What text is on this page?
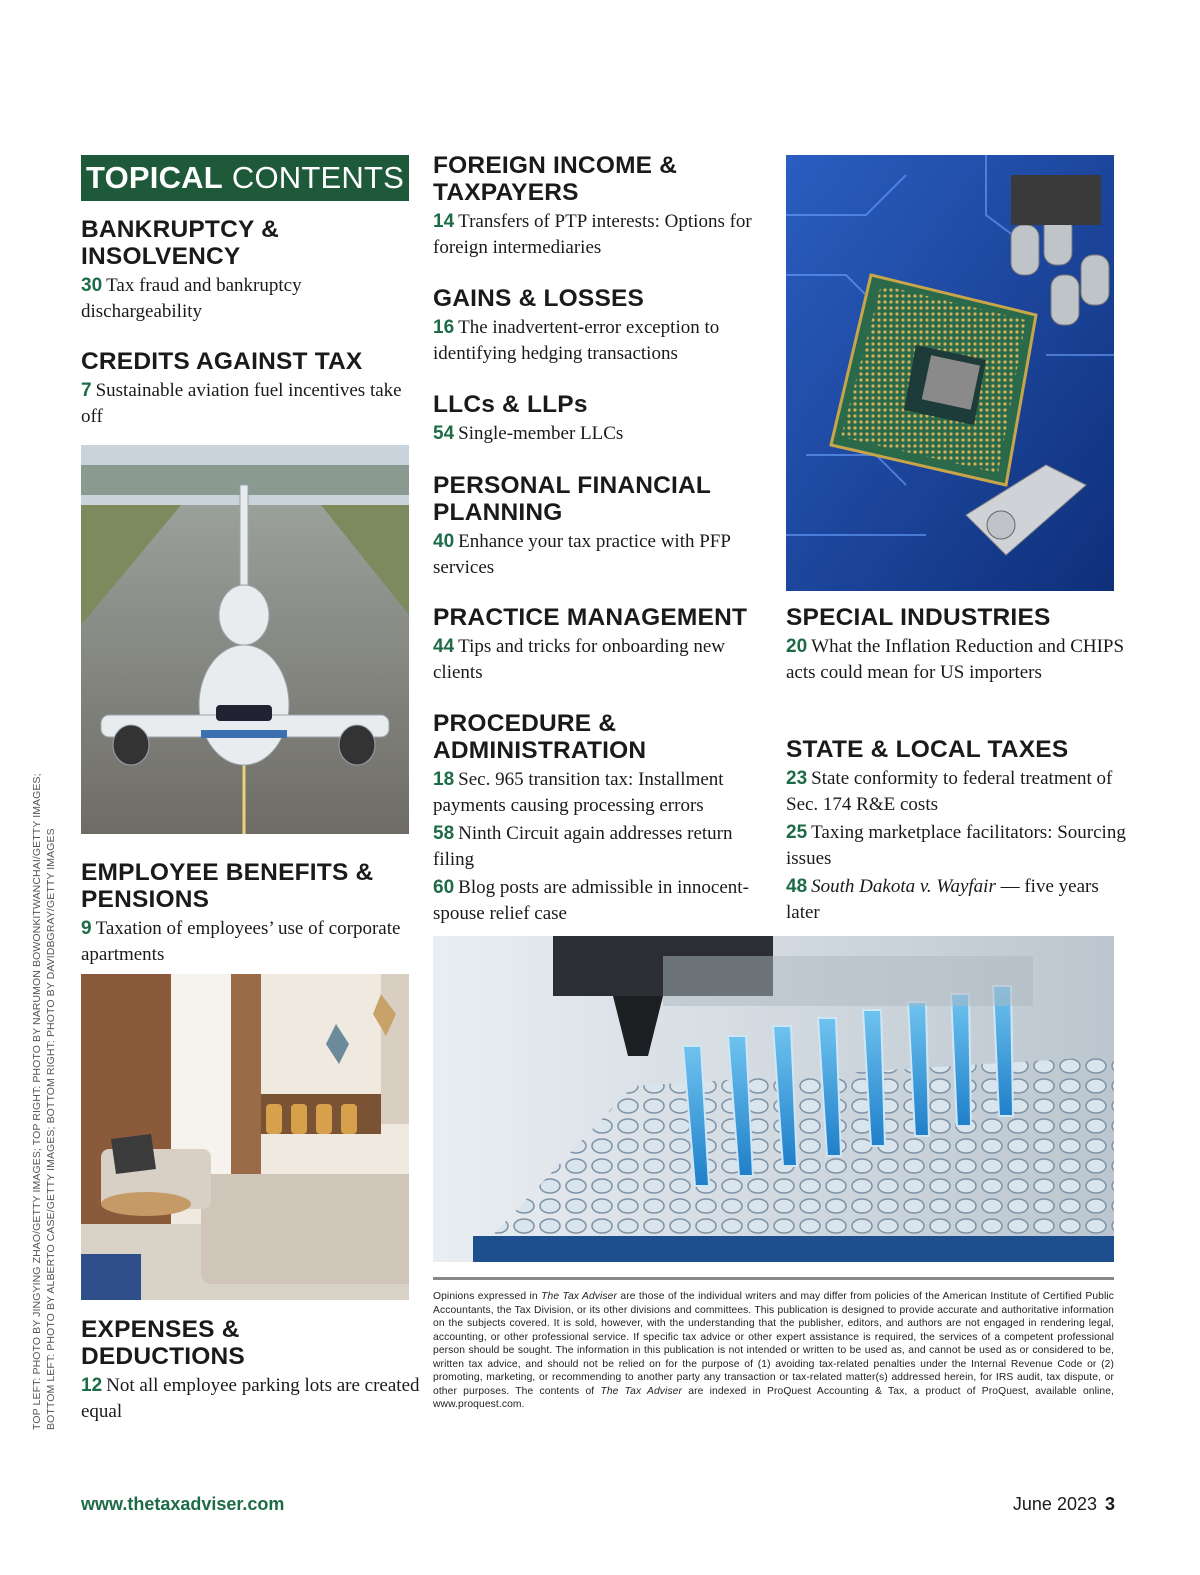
TOPICAL CONTENTS
BANKRUPTCY &
INSOLVENCY
30 Tax fraud and bankruptcy dischargeability
CREDITS AGAINST TAX
7 Sustainable aviation fuel incentives take off
EMPLOYEE BENEFITS &
PENSIONS
9 Taxation of employees’ use of corporate apartments
EXPENSES &
DEDUCTIONS
12 Not all employee parking lots are created equal
FOREIGN INCOME &
TAXPAYERS
14 Transfers of PTP interests: Options for foreign intermediaries
GAINS & LOSSES
16 The inadvertent-error exception to identifying hedging transactions
LLCs & LLPs
54 Single-member LLCs
PERSONAL FINANCIAL
PLANNING
40 Enhance your tax practice with PFP services
PRACTICE MANAGEMENT
44 Tips and tricks for onboarding new clients
PROCEDURE &
ADMINISTRATION
18 Sec. 965 transition tax: Installment payments causing processing errors
58 Ninth Circuit again addresses return filing
60 Blog posts are admissible in innocent-spouse relief case
SPECIAL INDUSTRIES
20 What the Inflation Reduction and CHIPS acts could mean for US importers
STATE & LOCAL TAXES
23 State conformity to federal treatment of Sec. 174 R&E costs
25 Taxing marketplace facilitators: Sourcing issues
48 South Dakota v. Wayfair — five years later
Opinions expressed in The Tax Adviser are those of the individual writers and may differ from policies of the American Institute of Certified Public Accountants, the Tax Division, or its other divisions and committees. This publication is designed to provide accurate and authoritative information on the subjects covered. It is sold, however, with the understanding that the publisher, editors, and authors are not engaged in rendering legal, accounting, or other professional service. If specific tax advice or other expert assistance is required, the services of a competent professional person should be sought. The information in this publication is not intended or written to be used as, and cannot be used as or considered to be, written tax advice, and should not be relied on for the purpose of (1) avoiding tax-related penalties under the Internal Revenue Code or (2) promoting, marketing, or recommending to another party any transaction or tax-related matter(s) addressed herein, for IRS audit, tax dispute, or other purposes. The contents of The Tax Adviser are indexed in ProQuest Accounting & Tax, a product of ProQuest, available online, www.proquest.com.
TOP LEFT: PHOTO BY JINGYING ZHAO/GETTY IMAGES; TOP RIGHT: PHOTO BY NARUMON BOWONKITWANCHAI/GETTY IMAGES; BOTTOM LEFT: PHOTO BY ALBERTO CASE/GETTY IMAGES; BOTTOM RIGHT: PHOTO BY DAVIDBGRAY/GETTY IMAGES
www.thetaxadviser.com	June 2023 3
